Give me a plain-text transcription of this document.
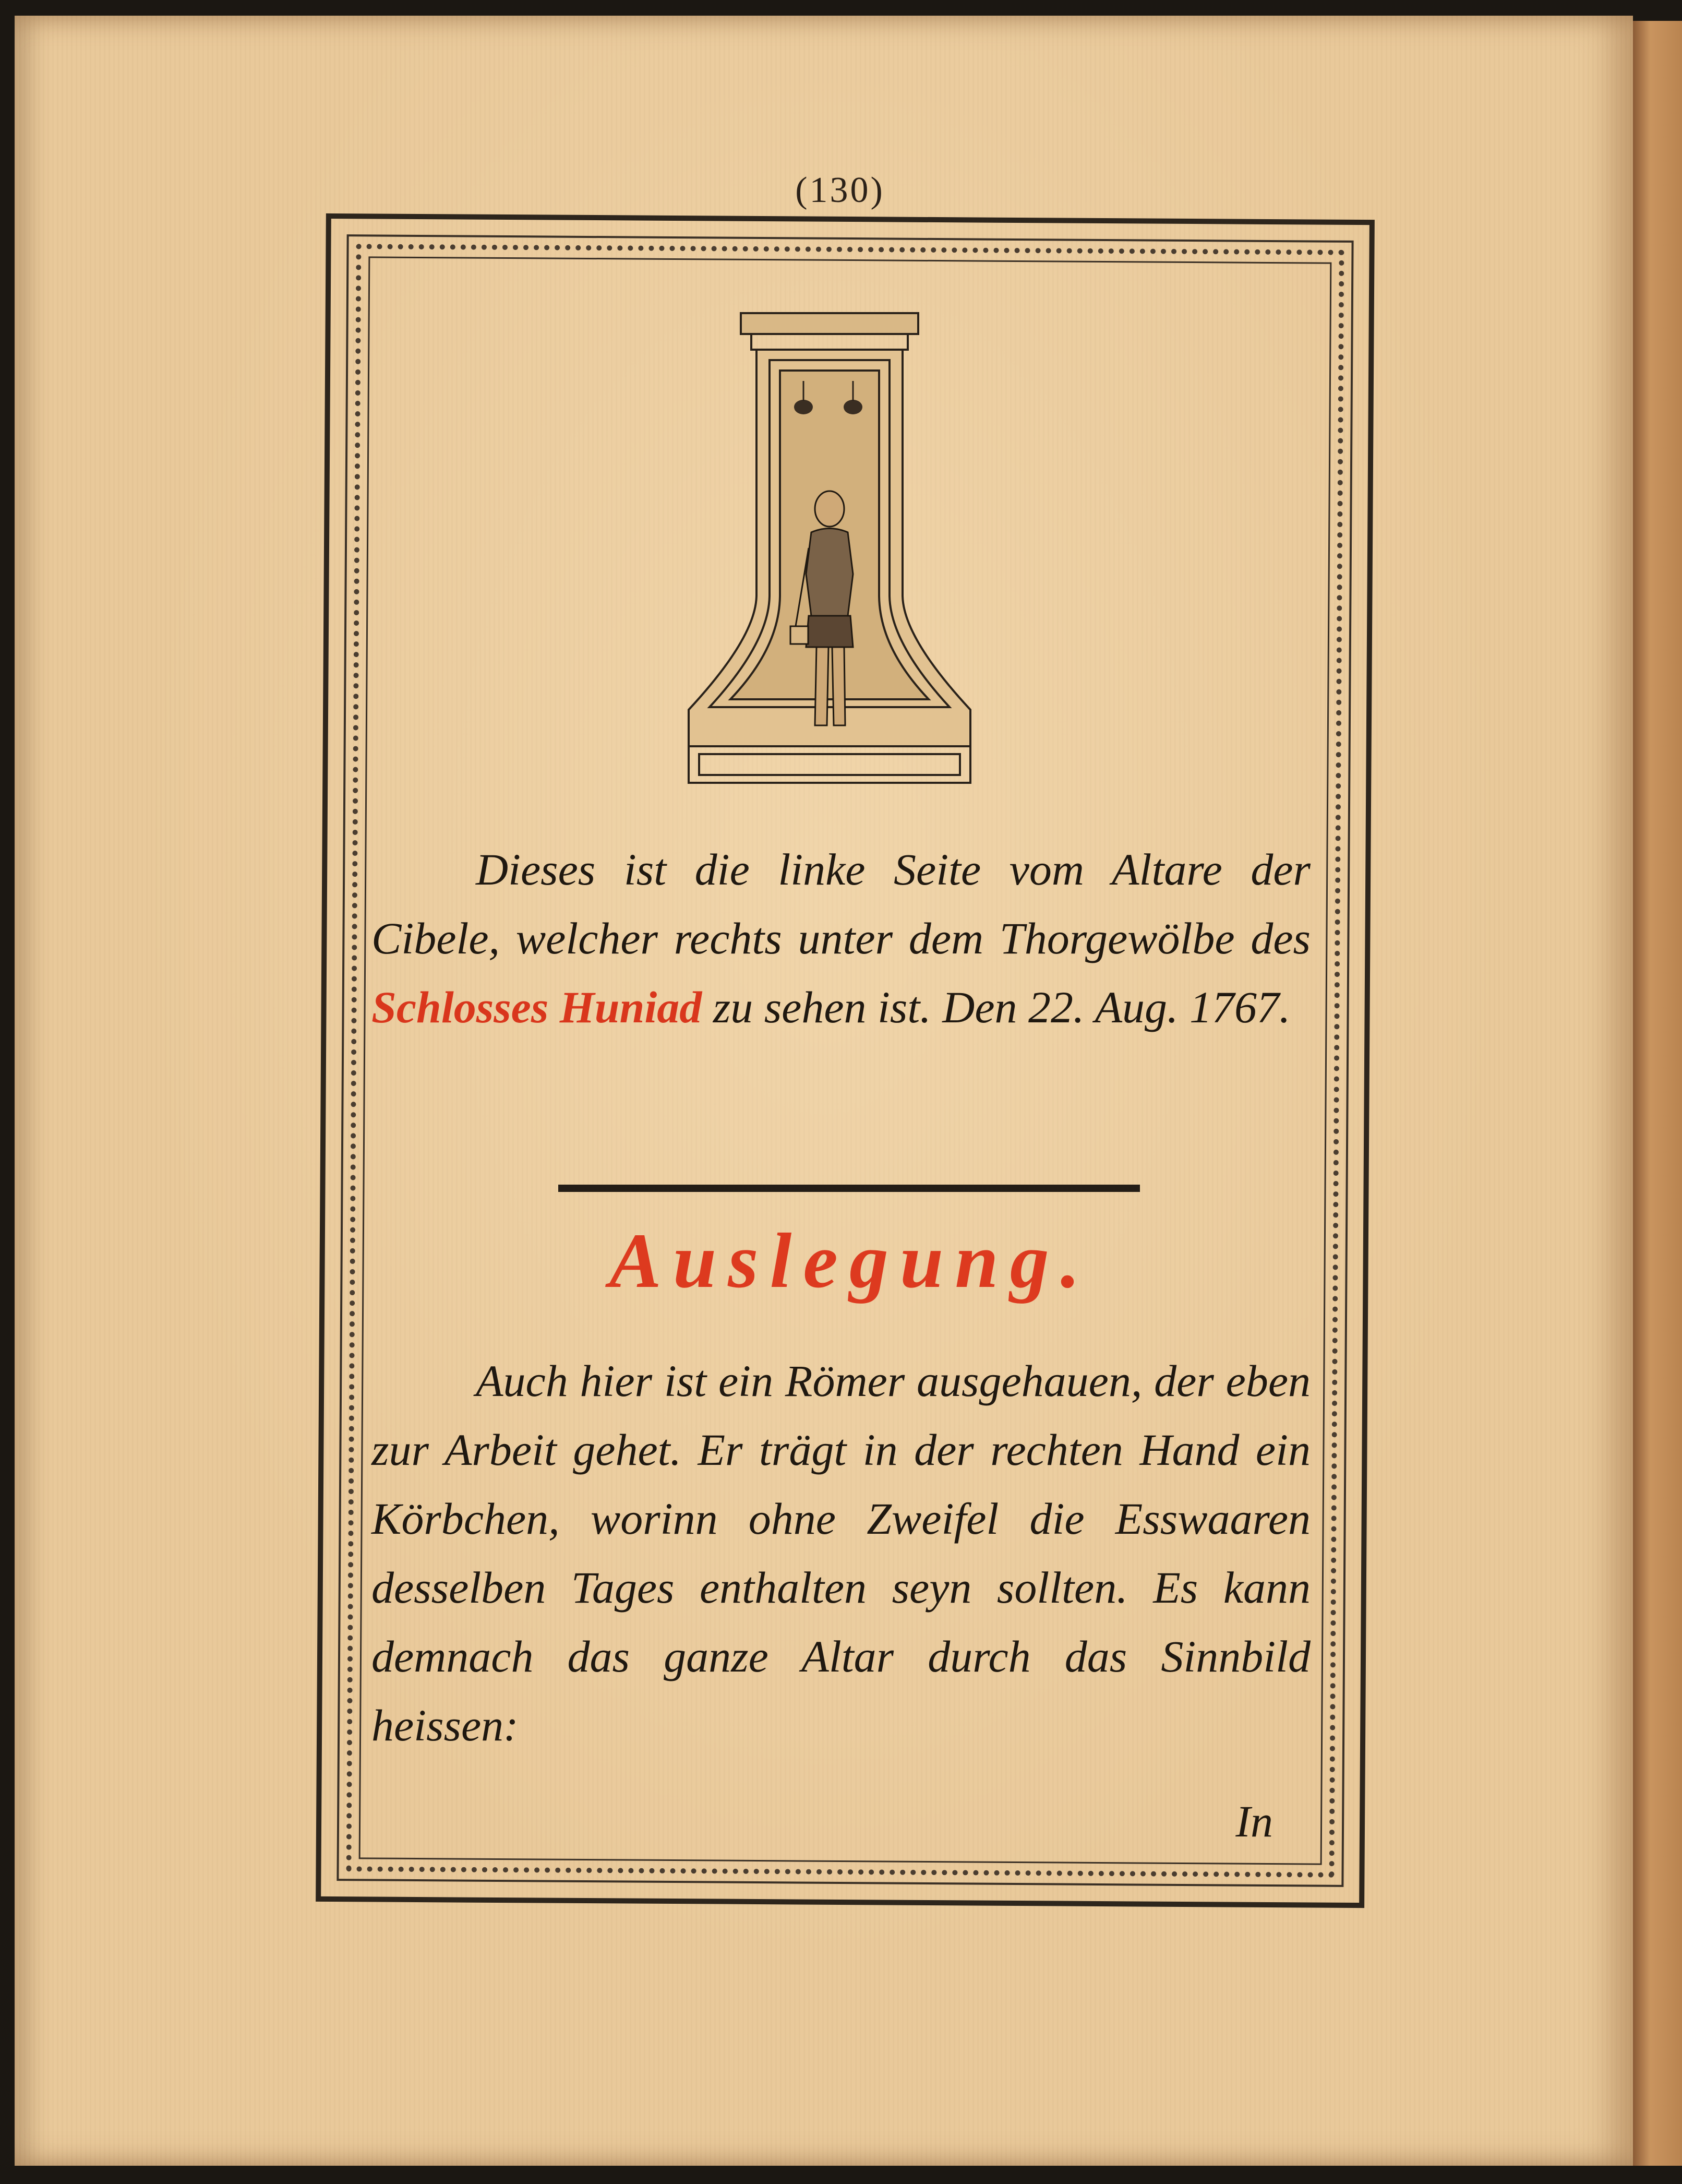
(130)

Dieses ist die linke Seite vom Altare der Cibele, welcher rechts unter dem Thorgewölbe des Schlosses Huniad zu sehen ist. Den 22. Aug. 1767.

Auslegung.

Auch hier ist ein Römer ausgehauen, der eben zur Arbeit gehet. Er trägt in der rechten Hand ein Körbchen, worinn ohne Zweifel die Esswaaren desselben Tages enthalten seyn sollten. Es kann demnach das ganze Altar durch das Sinnbild heissen:

In
